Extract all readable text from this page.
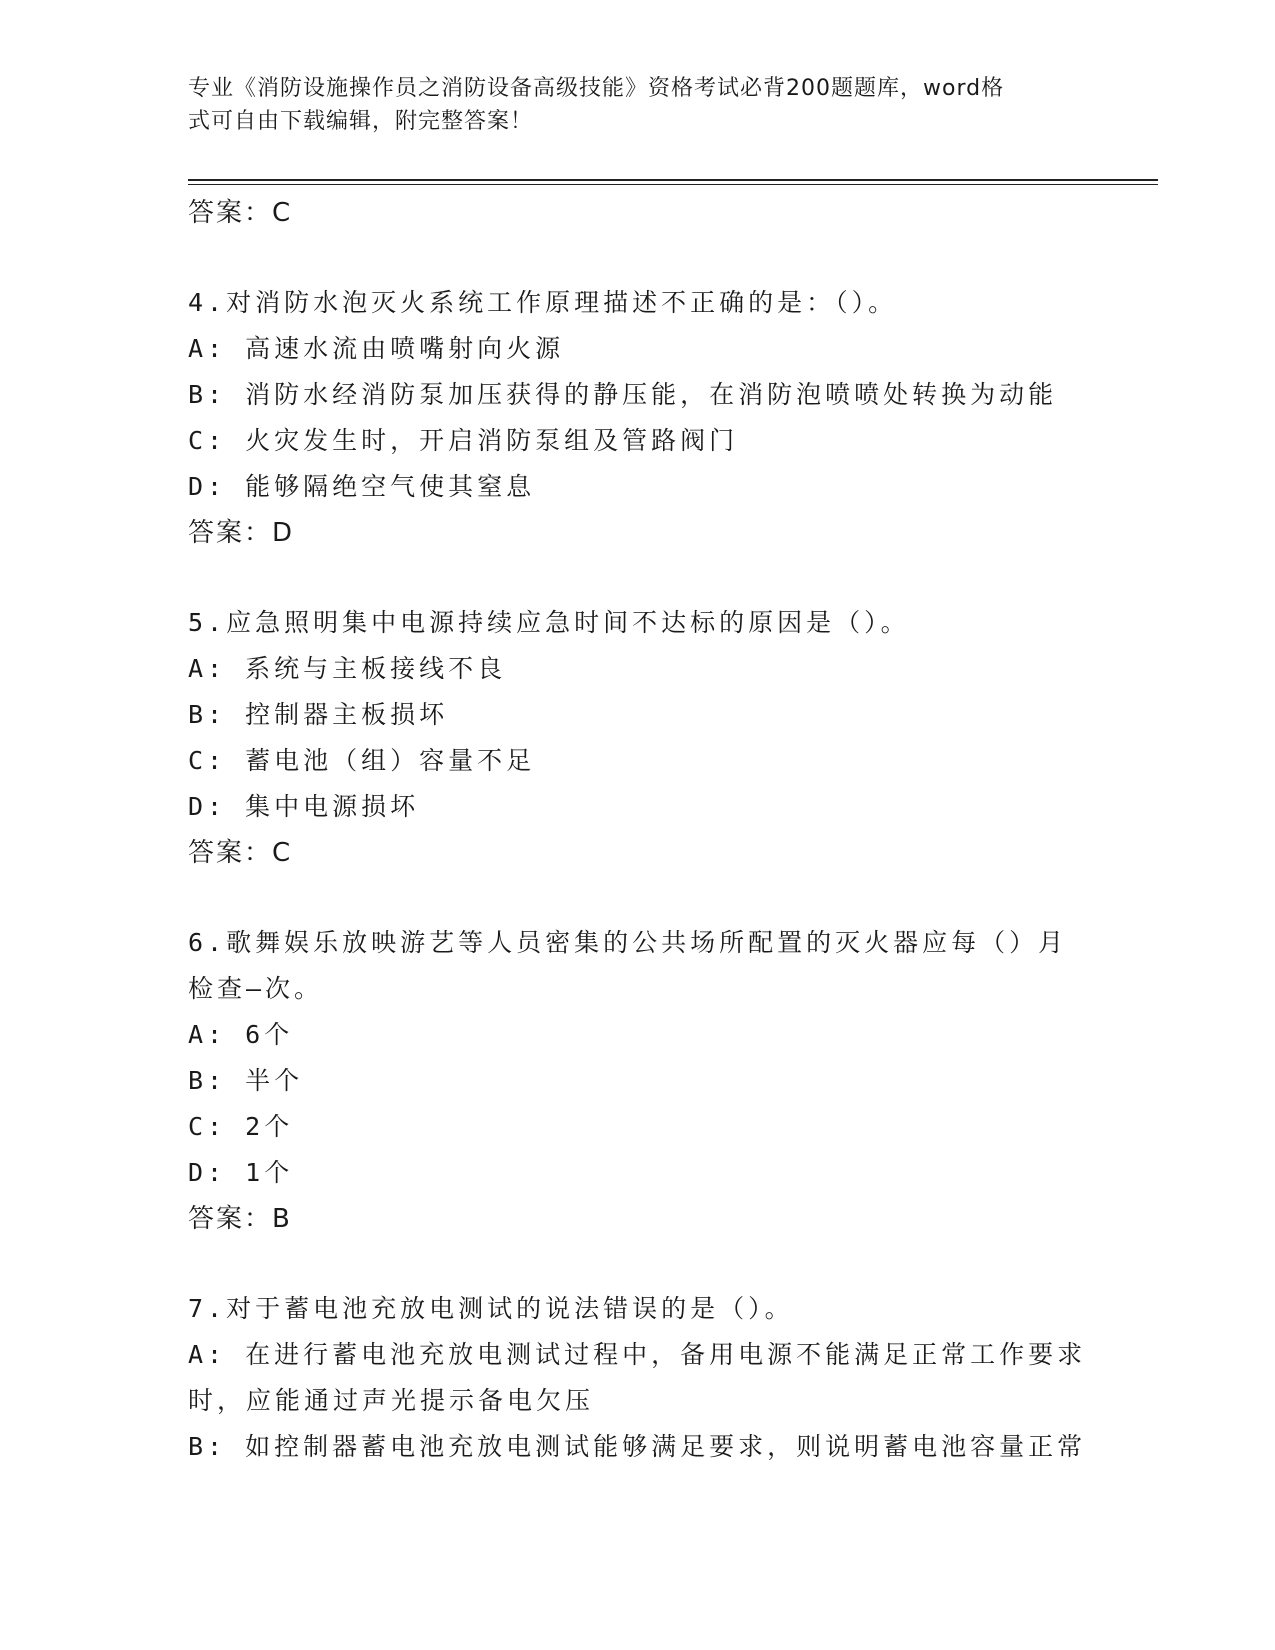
专业《消防设施操作员之消防设备高级技能》资格考试必背200题题库，word格
式可自由下载编辑，附完整答案！
答案：C
4.对消防水泡灭火系统工作原理描述不正确的是：（）。
A: 高速水流由喷嘴射向火源
B: 消防水经消防泵加压获得的静压能，在消防泡喷喷处转换为动能
C: 火灾发生时，开启消防泵组及管路阀门
D: 能够隔绝空气使其窒息
答案：D
5.应急照明集中电源持续应急时间不达标的原因是（）。
A: 系统与主板接线不良
B: 控制器主板损坏
C: 蓄电池（组）容量不足
D: 集中电源损坏
答案：C
6.歌舞娱乐放映游艺等人员密集的公共场所配置的灭火器应每（）月
检查—次。
A: 6个
B: 半个
C: 2个
D: 1个
答案：B
7.对于蓄电池充放电测试的说法错误的是（）。
A: 在进行蓄电池充放电测试过程中，备用电源不能满足正常工作要求
时，应能通过声光提示备电欠压
B: 如控制器蓄电池充放电测试能够满足要求，则说明蓄电池容量正常
